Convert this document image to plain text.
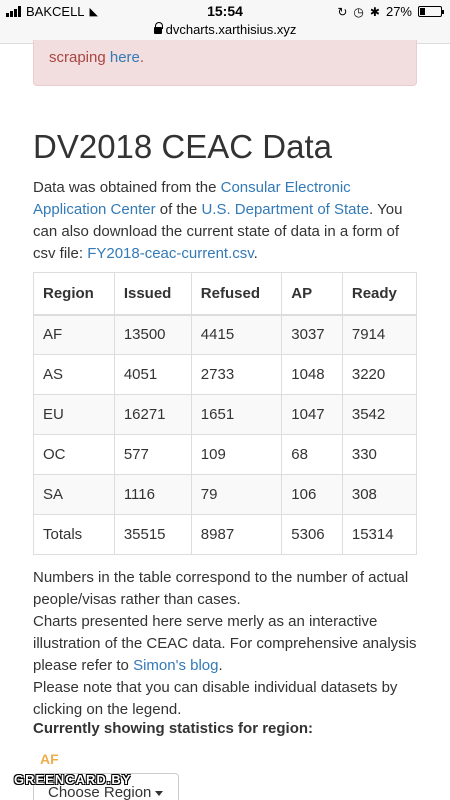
BAKCELL ◣	15:54	↻ ◷ ✱ 27%
dvcharts.xarthisius.xyz
scraping here.
DV2018 CEAC Data

Data was obtained from the Consular Electronic Application Center of the U.S. Department of State. You can also download the current state of data in a form of csv file: FY2018-ceac-current.csv.

Region	Issued	Refused	AP	Ready
AF	13500	4415	3037	7914
AS	4051	2733	1048	3220
EU	16271	1651	1047	3542
OC	577	109	68	330
SA	1116	79	106	308
Totals	35515	8987	5306	15314
Numbers in the table correspond to the number of actual people/visas rather than cases.
Charts presented here serve merly as an interactive illustration of the CEAC data. For comprehensive analysis please refer to Simon's blog.
Please note that you can disable individual datasets by clicking on the legend.
Currently showing statistics for region:
AF
Choose Region
GREENCARD.BY
